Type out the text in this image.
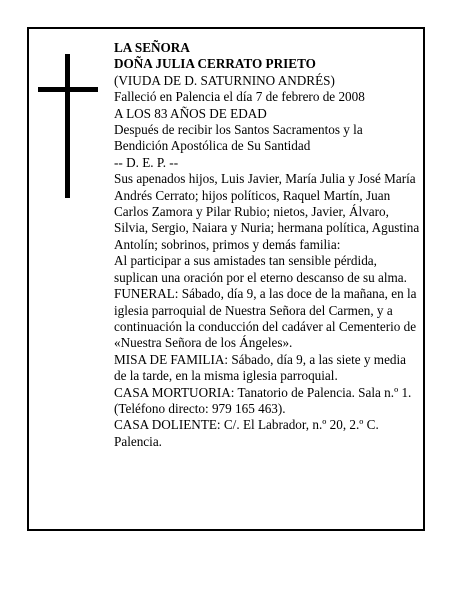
LA SEÑORA

DOÑA JULIA CERRATO PRIETO

(VIUDA DE D. SATURNINO ANDRÉS)

Falleció en Palencia el día 7 de febrero de 2008

A LOS 83 AÑOS DE EDAD

Después de recibir los Santos Sacramentos y la Bendición Apostólica de Su Santidad

-- D. E. P. --

Sus apenados hijos, Luis Javier, María Julia y José María Andrés Cerrato; hijos políticos, Raquel Martín, Juan Carlos Zamora y Pilar Rubio; nietos, Javier, Álvaro, Silvia, Sergio, Naiara y Nuria; hermana política, Agustina Antolín; sobrinos, primos y demás familia:

Al participar a sus amistades tan sensible pérdida, suplican una oración por el eterno descanso de su alma.

FUNERAL: Sábado, día 9, a las doce de la mañana, en la iglesia parroquial de Nuestra Señora del Carmen, y a continuación la conducción del cadáver al Cementerio de «Nuestra Señora de los Ángeles».

MISA DE FAMILIA: Sábado, día 9, a las siete y media de la tarde, en la misma iglesia parroquial.

CASA MORTUORIA: Tanatorio de Palencia. Sala n.º 1. (Teléfono directo: 979 165 463).

CASA DOLIENTE: C/. El Labrador, n.º 20, 2.º C. Palencia.
